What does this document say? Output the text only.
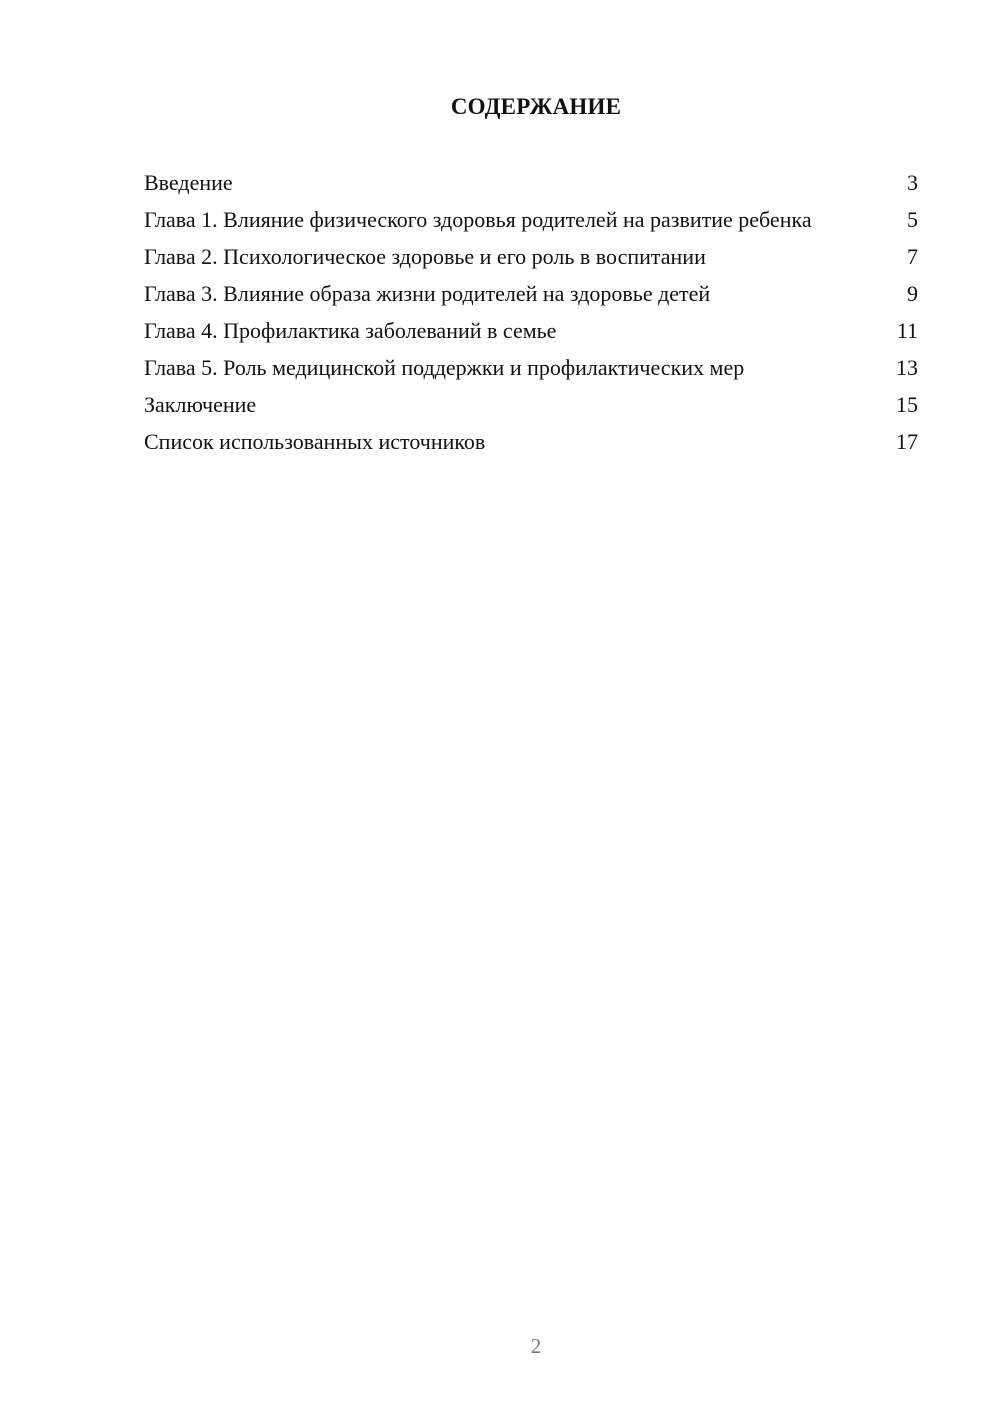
СОДЕРЖАНИЕ
Введение	3
Глава 1. Влияние физического здоровья родителей на развитие ребенка	5
Глава 2. Психологическое здоровье и его роль в воспитании	7
Глава 3. Влияние образа жизни родителей на здоровье детей	9
Глава 4. Профилактика заболеваний в семье	11
Глава 5. Роль медицинской поддержки и профилактических мер	13
Заключение	15
Список использованных источников	17
2
